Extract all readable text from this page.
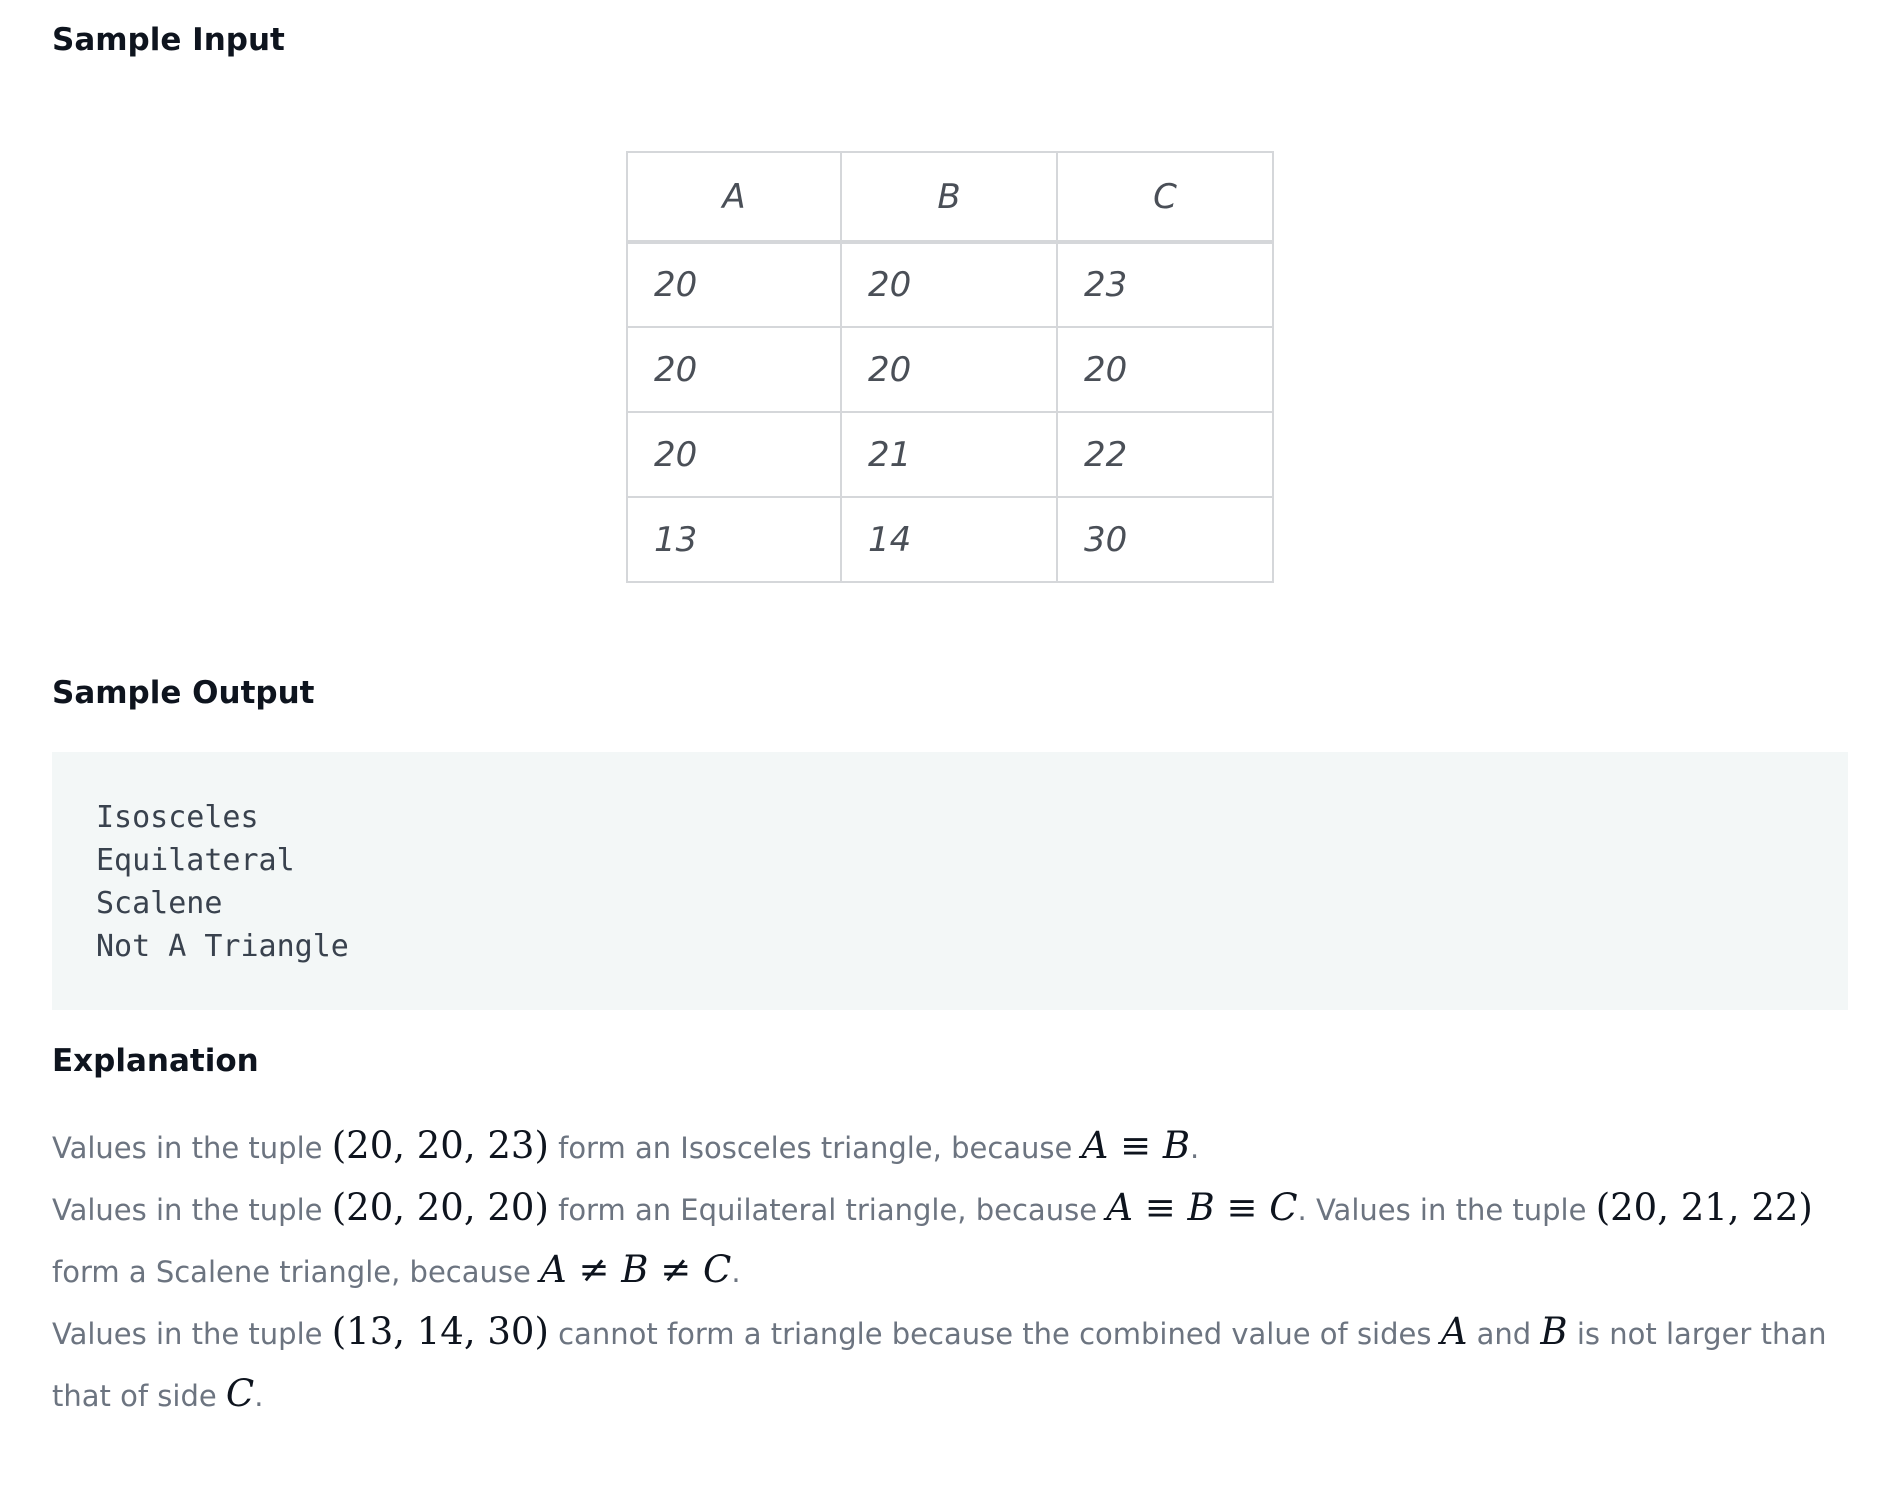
Sample Input
A	B	C
20	20	23
20	20	20
20	21	22
13	14	30
Sample Output
Isosceles
Equilateral
Scalene
Not A Triangle
Explanation

Values in the tuple (20, 20, 23) form an Isosceles triangle, because A ≡ B.

Values in the tuple (20, 20, 20) form an Equilateral triangle, because A ≡ B ≡ C. Values in the tuple (20, 21, 22) form a Scalene triangle, because A ≠ B ≠ C.

Values in the tuple (13, 14, 30) cannot form a triangle because the combined value of sides A and B is not larger than that of side C.
